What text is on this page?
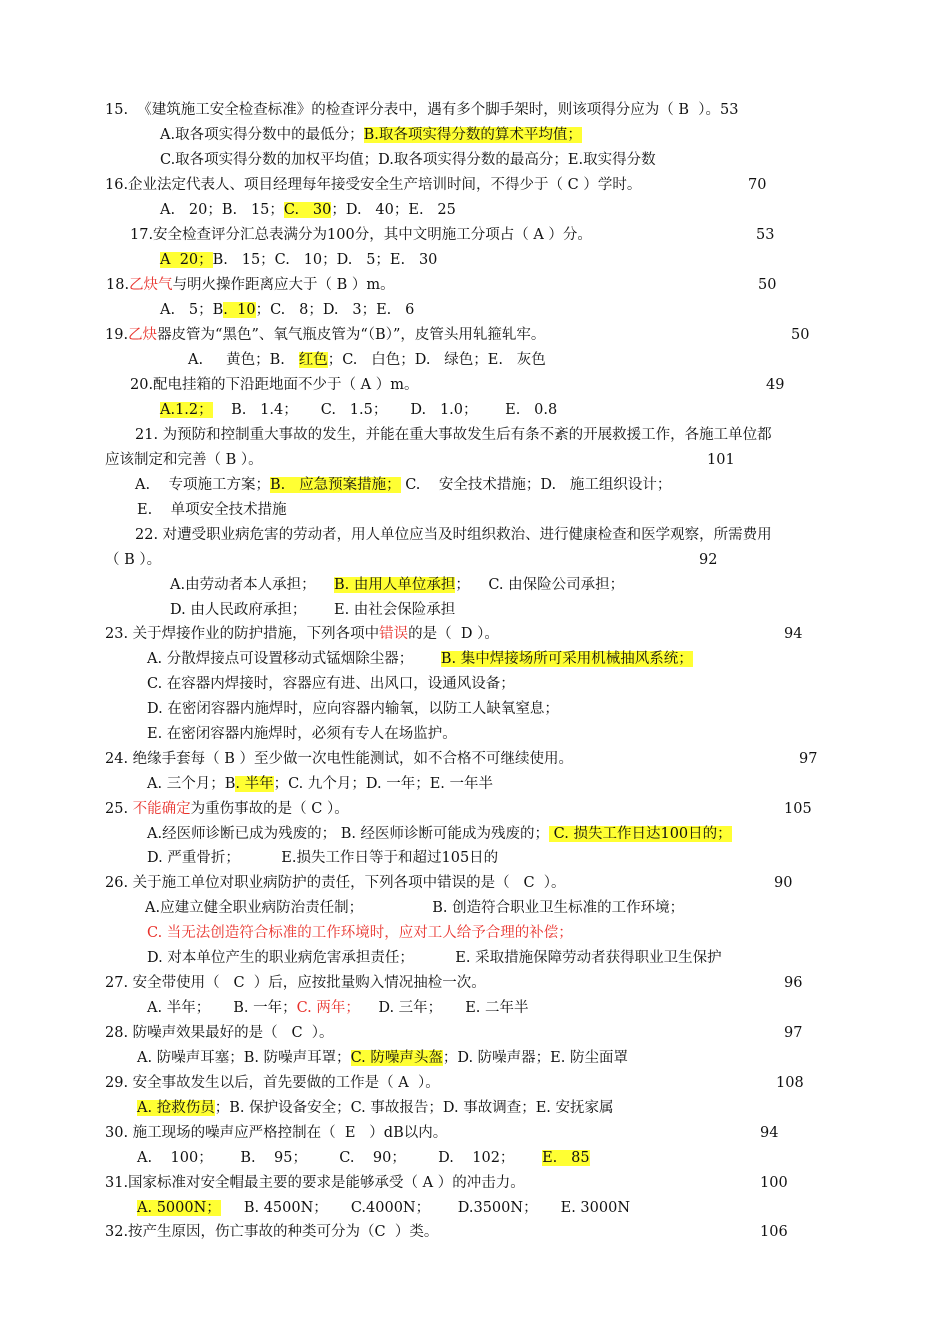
15.  《建筑施工安全检查标准》的检查评分表中，遇有多个脚手架时，则该项得分应为（ B  ）。53
A.取各项实得分数中的最低分；B.取各项实得分数的算术平均值；
C.取各项实得分数的加权平均值；D.取各项实得分数的最高分；E.取实得分数
16.企业法定代表人、项目经理每年接受安全生产培训时间，不得少于（ C ）学时。	70
A.   20；B.   15；C.   30；D.   40；E.   25
17.安全检查评分汇总表满分为100分，其中文明施工分项占（ A ）分。	53
A  20；B.   15；C.   10；D.   5；E.   30
18.乙炔气与明火操作距离应大于（ B ）m。	50
A.   5；B.  10；C.   8；D.   3；E.   6
19.乙炔器皮管为“黑色”、氧气瓶皮管为“（B）”，皮管头用轧箍轧牢。	50
A.     黄色；B.   红色；C.   白色；D.   绿色；E.   灰色
20.配电挂箱的下沿距地面不少于（ A ）m。	49
A.1.2；    B.   1.4；     C.   1.5；     D.   1.0；      E.   0.8
21. 为预防和控制重大事故的发生，并能在重大事故发生后有条不紊的开展救援工作，各施工单位都
应该制定和完善（ B ）。	101
A.    专项施工方案；B.   应急预案措施； C.    安全技术措施；D.   施工组织设计；
E.    单项安全技术措施
22. 对遭受职业病危害的劳动者，用人单位应当及时组织救治、进行健康检查和医学观察，所需费用
（ B ）。	92
A.由劳动者本人承担；    B. 由用人单位承担；    C. 由保险公司承担；
D. 由人民政府承担；      E. 由社会保险承担
23. 关于焊接作业的防护措施，下列各项中错误的是（  D ）。	94
A. 分散焊接点可设置移动式锰烟除尘器；      B. 集中焊接场所可采用机械抽风系统；
C. 在容器内焊接时，容器应有进、出风口，设通风设备；
D. 在密闭容器内施焊时，应向容器内输氧，以防工人缺氧窒息；
E. 在密闭容器内施焊时，必须有专人在场监护。
24. 绝缘手套每（ B ）至少做一次电性能测试，如不合格不可继续使用。	97
A. 三个月；B. 半年；C. 九个月；D. 一年；E. 一年半
25. 不能确定为重伤事故的是（ C ）。	105
A.经医师诊断已成为残废的； B. 经医师诊断可能成为残废的； C. 损失工作日达100日的；
D. 严重骨折；         E.损失工作日等于和超过105日的
26. 关于施工单位对职业病防护的责任，下列各项中错误的是（   C  ）。	90
A.应建立健全职业病防治责任制；               B. 创造符合职业卫生标准的工作环境；
C. 当无法创造符合标准的工作环境时，应对工人给予合理的补偿；
D. 对本单位产生的职业病危害承担责任；         E. 采取措施保障劳动者获得职业卫生保护
27. 安全带使用（   C  ）后，应按批量购入情况抽检一次。	96
A. 半年；     B. 一年；C. 两年；    D. 三年；     E. 二年半
28. 防噪声效果最好的是（   C  ）。	97
A. 防噪声耳塞；B. 防噪声耳罩；C. 防噪声头盔；D. 防噪声器；E. 防尘面罩
29. 安全事故发生以后，首先要做的工作是（ A  ）。	108
A. 抢救伤员；B. 保护设备安全；C. 事故报告；D. 事故调查；E. 安抚家属
30. 施工现场的噪声应严格控制在（  E   ）dB以内。	94
A.    100；      B.    95；       C.    90；       D.    102；      E.   85
31.国家标准对安全帽最主要的要求是能够承受（ A ）的冲击力。	100
A. 5000N；     B. 4500N；     C.4000N；      D.3500N；     E. 3000N
32.按产生原因，伤亡事故的种类可分为（C  ）类。	106
